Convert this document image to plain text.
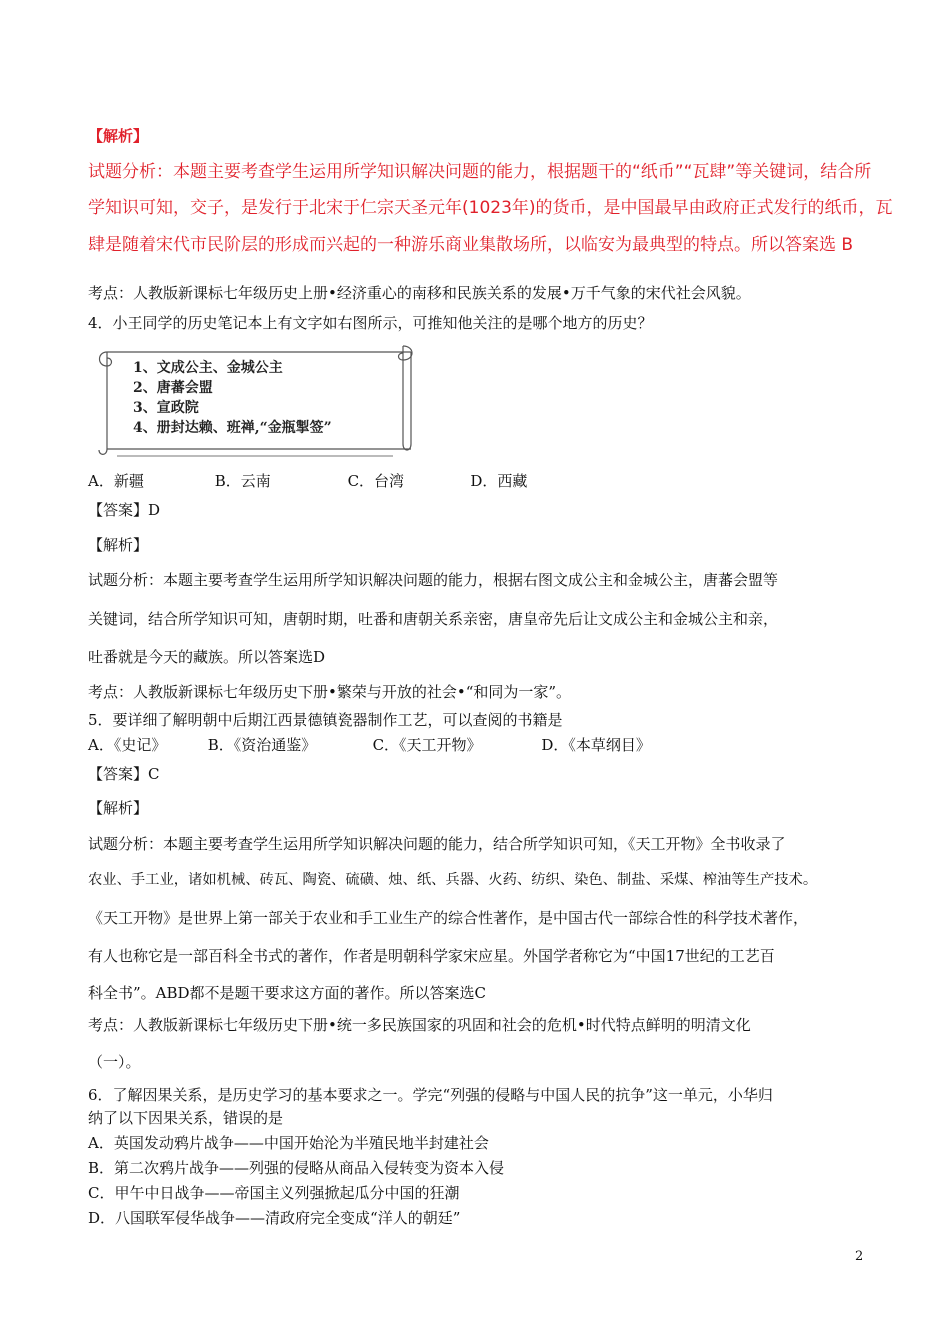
【解析】
试题分析：本题主要考查学生运用所学知识解决问题的能力，根据题干的“纸币”“瓦肆”等关键词，结合所
学知识可知，交子，是发行于北宋于仁宗天圣元年(1023年)的货币，是中国最早由政府正式发行的纸币，瓦
肆是随着宋代市民阶层的形成而兴起的一种游乐商业集散场所，以临安为最典型的特点。所以答案选 B
考点：人教版新课标七年级历史上册•经济重心的南移和民族关系的发展•万千气象的宋代社会风貌。
4．小王同学的历史笔记本上有文字如右图所示，可推知他关注的是哪个地方的历史？
1、文成公主、金城公主
2、唐蕃会盟
3、宣政院
4、册封达赖、班禅,“金瓶掣签”
A．新疆	B．云南	C．台湾	D．西藏
【答案】D
【解析】
试题分析：本题主要考查学生运用所学知识解决问题的能力，根据右图文成公主和金城公主，唐蕃会盟等
关键词，结合所学知识可知，唐朝时期，吐番和唐朝关系亲密，唐皇帝先后让文成公主和金城公主和亲，
吐番就是今天的藏族。所以答案选D
考点：人教版新课标七年级历史下册•繁荣与开放的社会•“和同为一家”。
5．要详细了解明朝中后期江西景德镇瓷器制作工艺，可以查阅的书籍是
A．《史记》	B．《资治通鉴》	C．《天工开物》	D．《本草纲目》
【答案】C
【解析】
试题分析：本题主要考查学生运用所学知识解决问题的能力，结合所学知识可知，《天工开物》全书收录了
农业、手工业，诸如机械、砖瓦、陶瓷、硫磺、烛、纸、兵器、火药、纺织、染色、制盐、采煤、榨油等生产技术。
《天工开物》是世界上第一部关于农业和手工业生产的综合性著作，是中国古代一部综合性的科学技术著作，
有人也称它是一部百科全书式的著作，作者是明朝科学家宋应星。外国学者称它为“中国17世纪的工艺百
科全书”。ABD都不是题干要求这方面的著作。所以答案选C
考点：人教版新课标七年级历史下册•统一多民族国家的巩固和社会的危机•时代特点鲜明的明清文化
（一）。
6．了解因果关系，是历史学习的基本要求之一。学完“列强的侵略与中国人民的抗争”这一单元，小华归
纳了以下因果关系，错误的是
A．英国发动鸦片战争——中国开始沦为半殖民地半封建社会
B．第二次鸦片战争——列强的侵略从商品入侵转变为资本入侵
C．甲午中日战争——帝国主义列强掀起瓜分中国的狂潮
D．八国联军侵华战争——清政府完全变成“洋人的朝廷”
2
